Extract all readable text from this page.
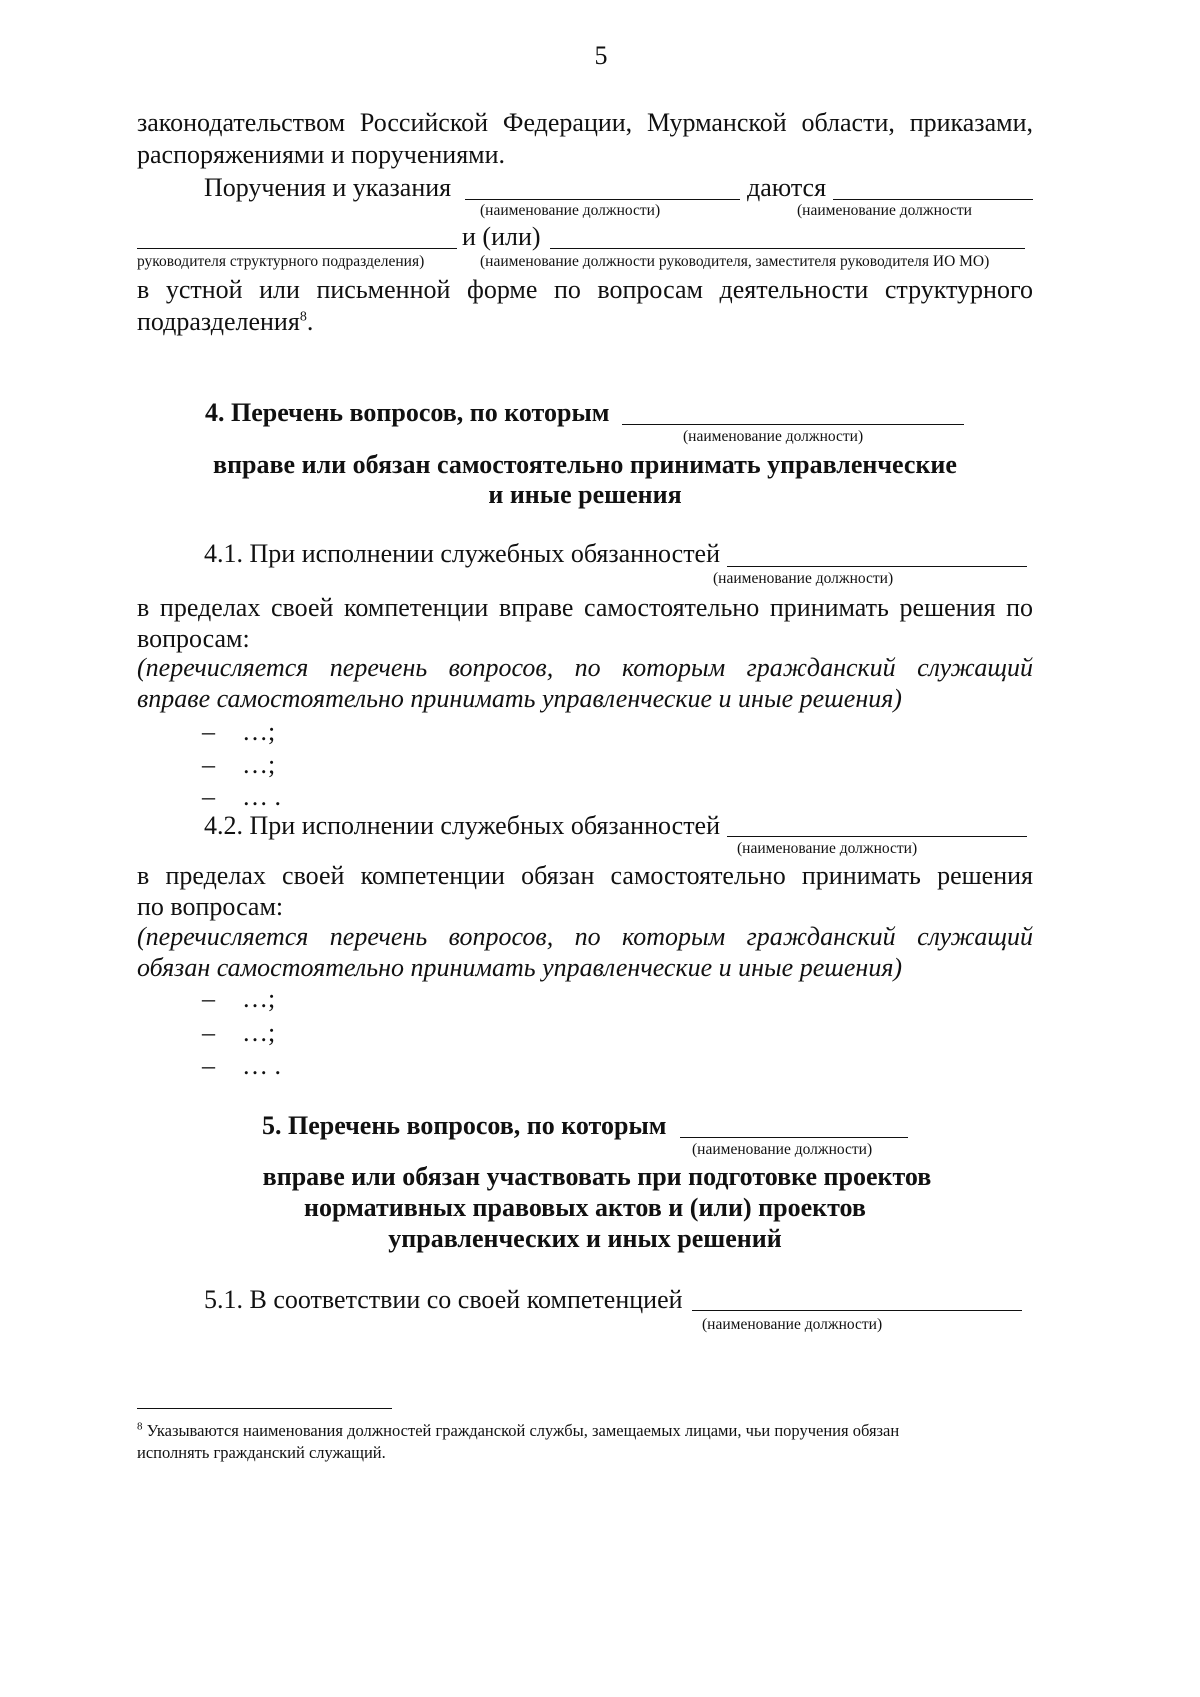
5
законодательством Российской Федерации, Мурманской области, приказами,
распоряжениями и поручениями.
Поручения и указания	даются
(наименование должности)	(наименование должности
и (или)
руководителя структурного подразделения)	(наименование должности руководителя, заместителя руководителя ИО МО)
в устной или письменной форме по вопросам деятельности структурного
подразделения$^8$.
4. Перечень вопросов, по которым
(наименование должности)
вправе или обязан самостоятельно принимать управленческие
и иные решения
4.1. При исполнении служебных обязанностей
(наименование должности)
в пределах своей компетенции вправе самостоятельно принимать решения по
вопросам:
(перечисляется перечень вопросов, по которым гражданский служащий
вправе самостоятельно принимать управленческие и иные решения)
– …;
– …;
– … .
4.2. При исполнении служебных обязанностей
(наименование должности)
в пределах своей компетенции обязан самостоятельно принимать решения
по вопросам:
(перечисляется перечень вопросов, по которым гражданский служащий
обязан самостоятельно принимать управленческие и иные решения)
– …;
– …;
– … .
5. Перечень вопросов, по которым
(наименование должности)
вправе или обязан участвовать при подготовке проектов
нормативных правовых актов и (или) проектов
управленческих и иных решений
5.1. В соответствии со своей компетенцией
(наименование должности)
$^8$ Указываются наименования должностей гражданской службы, замещаемых лицами, чьи поручения обязан
исполнять гражданский служащий.
